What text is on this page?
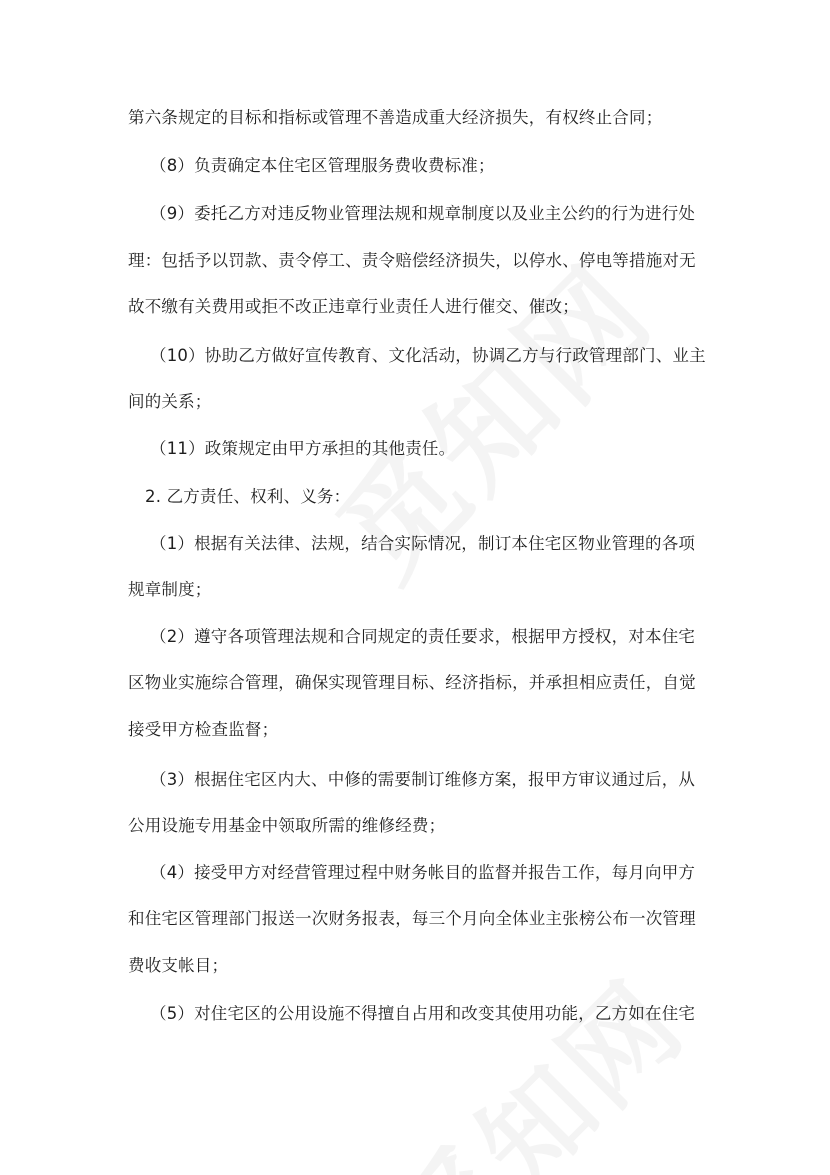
第六条规定的目标和指标或管理不善造成重大经济损失，有权终止合同；
（8）负责确定本住宅区管理服务费收费标准；
（9）委托乙方对违反物业管理法规和规章制度以及业主公约的行为进行处
理：包括予以罚款、责令停工、责令赔偿经济损失，以停水、停电等措施对无
故不缴有关费用或拒不改正违章行业责任人进行催交、催改；
（10）协助乙方做好宣传教育、文化活动，协调乙方与行政管理部门、业主
间的关系；
（11）政策规定由甲方承担的其他责任。
2. 乙方责任、权利、义务：
（1）根据有关法律、法规，结合实际情况，制订本住宅区物业管理的各项
规章制度；
（2）遵守各项管理法规和合同规定的责任要求，根据甲方授权，对本住宅
区物业实施综合管理，确保实现管理目标、经济指标，并承担相应责任，自觉
接受甲方检查监督；
（3）根据住宅区内大、中修的需要制订维修方案，报甲方审议通过后，从
公用设施专用基金中领取所需的维修经费；
（4）接受甲方对经营管理过程中财务帐目的监督并报告工作，每月向甲方
和住宅区管理部门报送一次财务报表，每三个月向全体业主张榜公布一次管理
费收支帐目；
（5）对住宅区的公用设施不得擅自占用和改变其使用功能，乙方如在住宅
